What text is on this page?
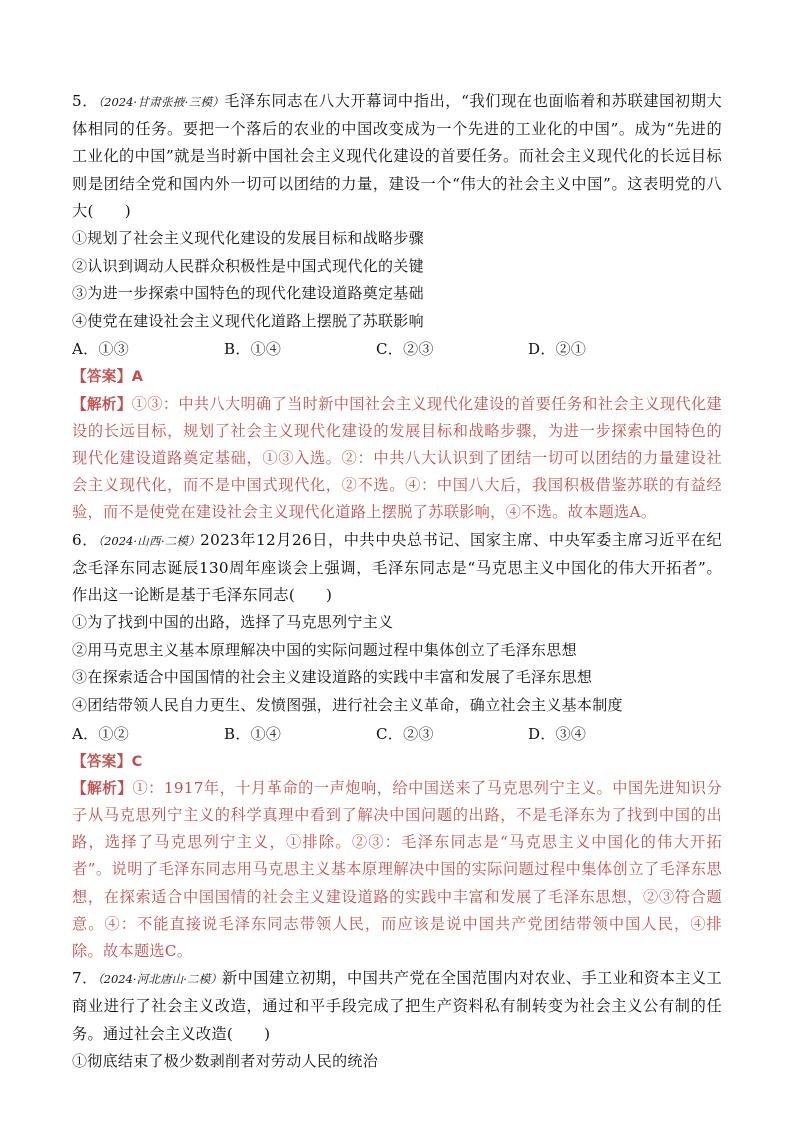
5．（2024·甘肃张掖·三模）毛泽东同志在八大开幕词中指出，“我们现在也面临着和苏联建国初期大体相同的任务。要把一个落后的农业的中国改变成为一个先进的工业化的中国”。成为“先进的工业化的中国”就是当时新中国社会主义现代化建设的首要任务。而社会主义现代化的长远目标则是团结全党和国内外一切可以团结的力量，建设一个“伟大的社会主义中国”。这表明党的八大(　　)

①规划了社会主义现代化建设的发展目标和战略步骤

②认识到调动人民群众积极性是中国式现代化的关键

③为进一步探索中国特色的现代化建设道路奠定基础

④使党在建设社会主义现代化道路上摆脱了苏联影响

A．①③	B．①④	C．②③	D．②①

【答案】A

【解析】①③：中共八大明确了当时新中国社会主义现代化建设的首要任务和社会主义现代化建设的长远目标，规划了社会主义现代化建设的发展目标和战略步骤，为进一步探索中国特色的现代化建设道路奠定基础，①③入选。②：中共八大认识到了团结一切可以团结的力量建设社会主义现代化，而不是中国式现代化，②不选。④：中国八大后，我国积极借鉴苏联的有益经验，而不是使党在建设社会主义现代化道路上摆脱了苏联影响，④不选。故本题选A。

6．（2024·山西·二模）2023年12月26日，中共中央总书记、国家主席、中央军委主席习近平在纪念毛泽东同志诞辰130周年座谈会上强调，毛泽东同志是“马克思主义中国化的伟大开拓者”。作出这一论断是基于毛泽东同志(　　)

①为了找到中国的出路，选择了马克思列宁主义

②用马克思主义基本原理解决中国的实际问题过程中集体创立了毛泽东思想

③在探索适合中国国情的社会主义建设道路的实践中丰富和发展了毛泽东思想

④团结带领人民自力更生、发愤图强，进行社会主义革命，确立社会主义基本制度

A．①②	B．①④	C．②③	D．③④

【答案】C

【解析】①：1917年，十月革命的一声炮响，给中国送来了马克思列宁主义。中国先进知识分子从马克思列宁主义的科学真理中看到了解决中国问题的出路，不是毛泽东为了找到中国的出路，选择了马克思列宁主义，①排除。②③：毛泽东同志是“马克思主义中国化的伟大开拓者”。说明了毛泽东同志用马克思主义基本原理解决中国的实际问题过程中集体创立了毛泽东思想，在探索适合中国国情的社会主义建设道路的实践中丰富和发展了毛泽东思想，②③符合题意。④：不能直接说毛泽东同志带领人民，而应该是说中国共产党团结带领中国人民，④排除。故本题选C。

7．（2024·河北唐山·二模）新中国建立初期，中国共产党在全国范围内对农业、手工业和资本主义工商业进行了社会主义改造，通过和平手段完成了把生产资料私有制转变为社会主义公有制的任务。通过社会主义改造(　　)

①彻底结束了极少数剥削者对劳动人民的统治
